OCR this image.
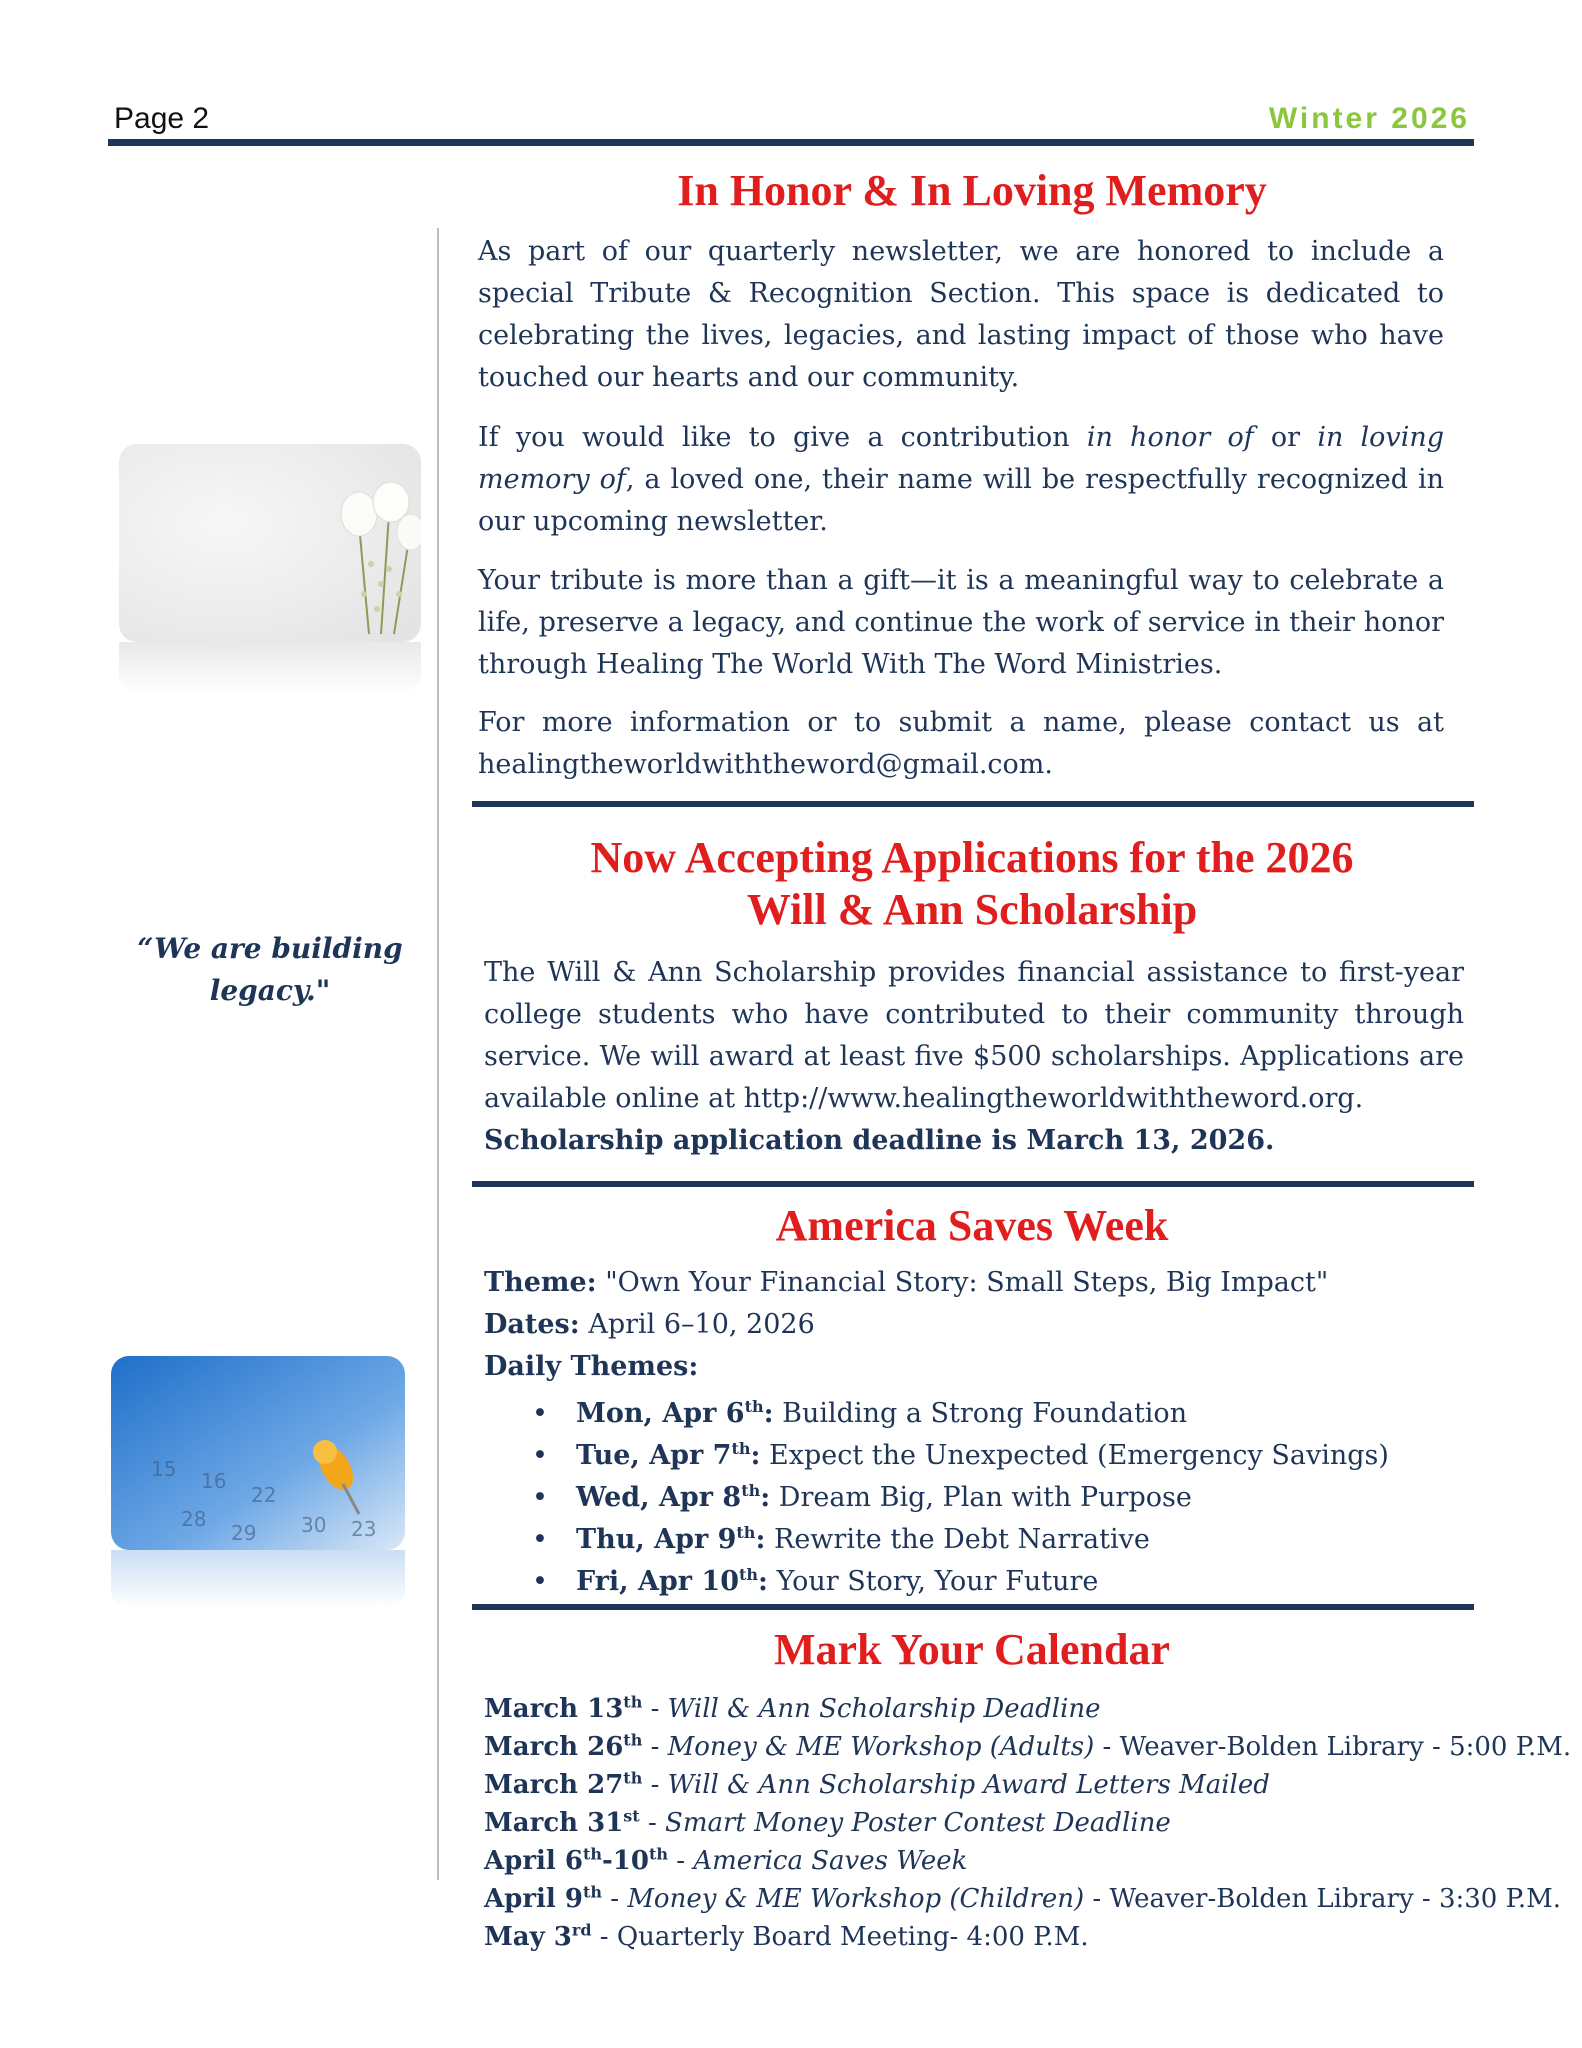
Page 2	Winter 2026
“We are building legacy."
15 16
22
28
29 30 23
In Honor & In Loving Memory

As part of our quarterly newsletter, we are honored to include a special Tribute & Recognition Section. This space is dedicated to celebrating the lives, legacies, and lasting impact of those who have touched our hearts and our community.

If you would like to give a contribution in honor of or in loving memory of, a loved one, their name will be respectfully recognized in our upcoming newsletter.

Your tribute is more than a gift—it is a meaningful way to celebrate a life, preserve a legacy, and continue the work of service in their honor through Healing The World With The Word Ministries.

For more information or to submit a name, please contact us at healingtheworldwiththeword@gmail.com.

Now Accepting Applications for the 2026
Will & Ann Scholarship

The Will & Ann Scholarship provides financial assistance to first-year college students who have contributed to their community through service. We will award at least five $500 scholarships. Applications are available online at http://www.healingtheworldwiththeword.org.

Scholarship application deadline is March 13, 2026.
America Saves Week
Theme: "Own Your Financial Story: Small Steps, Big Impact"
Dates: April 6–10, 2026
Daily Themes:
• Mon, Apr 6th: Building a Strong Foundation
• Tue, Apr 7th: Expect the Unexpected (Emergency Savings)
• Wed, Apr 8th: Dream Big, Plan with Purpose
• Thu, Apr 9th: Rewrite the Debt Narrative
• Fri, Apr 10th: Your Story, Your Future
Mark Your Calendar
March 13th - Will & Ann Scholarship Deadline
March 26th - Money & ME Workshop (Adults) - Weaver-Bolden Library - 5:00 P.M.
March 27th - Will & Ann Scholarship Award Letters Mailed
March 31st - Smart Money Poster Contest Deadline
April 6th-10th - America Saves Week
April 9th - Money & ME Workshop (Children) - Weaver-Bolden Library - 3:30 P.M.
May 3rd - Quarterly Board Meeting- 4:00 P.M.
